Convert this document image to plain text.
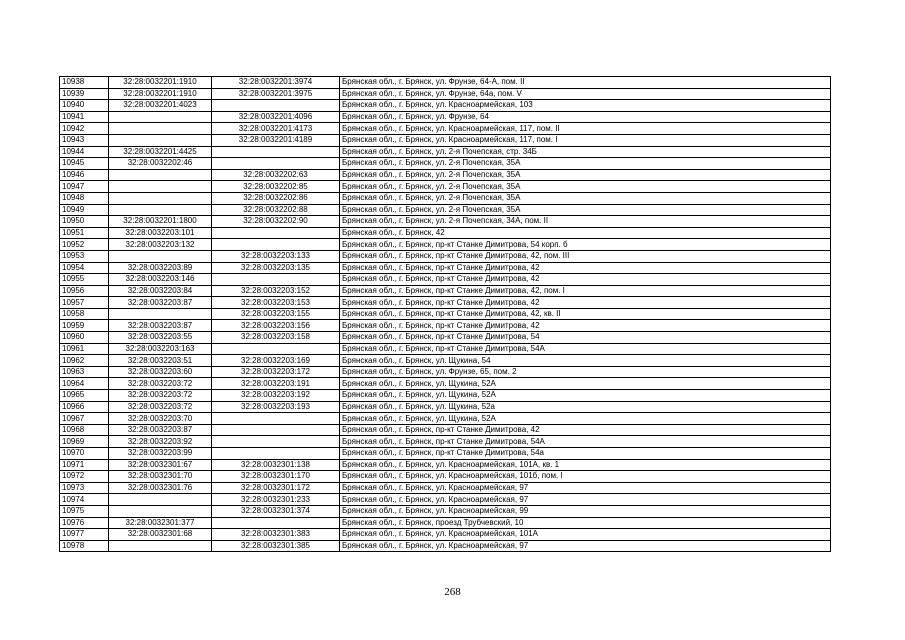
10938	32:28:0032201:1910	32:28:0032201:3974	Брянская обл., г. Брянск, ул. Фрунзе, 64-А, пом. II
10939	32:28:0032201:1910	32:28:0032201:3975	Брянская обл., г. Брянск, ул. Фрунзе, 64а, пом. V
10940	32:28:0032201:4023		Брянская обл., г. Брянск, ул. Красноармейская, 103
10941		32:28:0032201:4096	Брянская обл., г. Брянск, ул. Фрунзе, 64
10942		32:28:0032201:4173	Брянская обл., г. Брянск, ул. Красноармейская, 117, пом. II
10943		32:28:0032201:4189	Брянская обл., г. Брянск, ул. Красноармейская, 117, пом. I
10944	32:28:0032201:4425		Брянская обл., г. Брянск, ул. 2-я Почепская, стр. 34Б
10945	32:28:0032202:46		Брянская обл., г. Брянск, ул. 2-я Почепская, 35А
10946		32:28:0032202:63	Брянская обл., г. Брянск, ул. 2-я Почепская, 35А
10947		32:28:0032202:85	Брянская обл., г. Брянск, ул. 2-я Почепская, 35А
10948		32:28:0032202:86	Брянская обл., г. Брянск, ул. 2-я Почепская, 35А
10949		32:28:0032202:88	Брянская обл., г. Брянск, ул. 2-я Почепская, 35А
10950	32:28:0032201:1800	32:28:0032202:90	Брянская обл., г. Брянск, ул. 2-я Почепская, 34А, пом. II
10951	32:28:0032203:101		Брянская обл., г. Брянск, 42
10952	32:28:0032203:132		Брянская обл., г. Брянск, пр-кт Станке Димитрова, 54 корп. б
10953		32:28:0032203:133	Брянская обл., г. Брянск, пр-кт Станке Димитрова, 42, пом. III
10954	32:28:0032203:89	32:28:0032203:135	Брянская обл., г. Брянск, пр-кт Станке Димитрова, 42
10955	32:28:0032203:146		Брянская обл., г. Брянск, пр-кт Станке Димитрова, 42
10956	32:28:0032203:84	32:28:0032203:152	Брянская обл., г. Брянск, пр-кт Станке Димитрова, 42, пом. I
10957	32:28:0032203:87	32:28:0032203:153	Брянская обл., г. Брянск, пр-кт Станке Димитрова, 42
10958		32:28:0032203:155	Брянская обл., г. Брянск, пр-кт Станке Димитрова, 42, кв. II
10959	32:28:0032203:87	32:28:0032203:156	Брянская обл., г. Брянск, пр-кт Станке Димитрова, 42
10960	32:28:0032203:55	32:28:0032203:158	Брянская обл., г. Брянск, пр-кт Станке Димитрова, 54
10961	32:28:0032203:163		Брянская обл., г. Брянск, пр-кт Станке Димитрова, 54А
10962	32:28:0032203:51	32:28:0032203:169	Брянская обл., г. Брянск, ул. Щукина, 54
10963	32:28:0032203:60	32:28:0032203:172	Брянская обл., г. Брянск, ул. Фрунзе, 65, пом. 2
10964	32:28:0032203:72	32:28:0032203:191	Брянская обл., г. Брянск, ул. Щукина, 52А
10965	32:28:0032203:72	32:28:0032203:192	Брянская обл., г. Брянск, ул. Щукина, 52А
10966	32:28:0032203:72	32:28:0032203:193	Брянская обл., г. Брянск, ул. Щукина, 52а
10967	32:28:0032203:70		Брянская обл., г. Брянск, ул. Щукина, 52А
10968	32:28:0032203:87		Брянская обл., г. Брянск, пр-кт Станке Димитрова, 42
10969	32:28:0032203:92		Брянская обл., г. Брянск, пр-кт Станке Димитрова, 54А
10970	32:28:0032203:99		Брянская обл., г. Брянск, пр-кт Станке Димитрова, 54а
10971	32:28:0032301:67	32:28:0032301:138	Брянская обл., г. Брянск, ул. Красноармейская, 101А, кв. 1
10972	32:28:0032301:70	32:28:0032301:170	Брянская обл., г. Брянск, ул. Красноармейская, 101б, пом. I
10973	32:28:0032301:76	32:28:0032301:172	Брянская обл., г. Брянск, ул. Красноармейская, 97
10974		32:28:0032301:233	Брянская обл., г. Брянск, ул. Красноармейская, 97
10975		32:28:0032301:374	Брянская обл., г. Брянск, ул. Красноармейская, 99
10976	32:28:0032301:377		Брянская обл., г. Брянск, проезд Трубчевский, 10
10977	32:28:0032301:68	32:28:0032301:383	Брянская обл., г. Брянск, ул. Красноармейская, 101А
10978		32:28:0032301:385	Брянская обл., г. Брянск, ул. Красноармейская, 97
268
